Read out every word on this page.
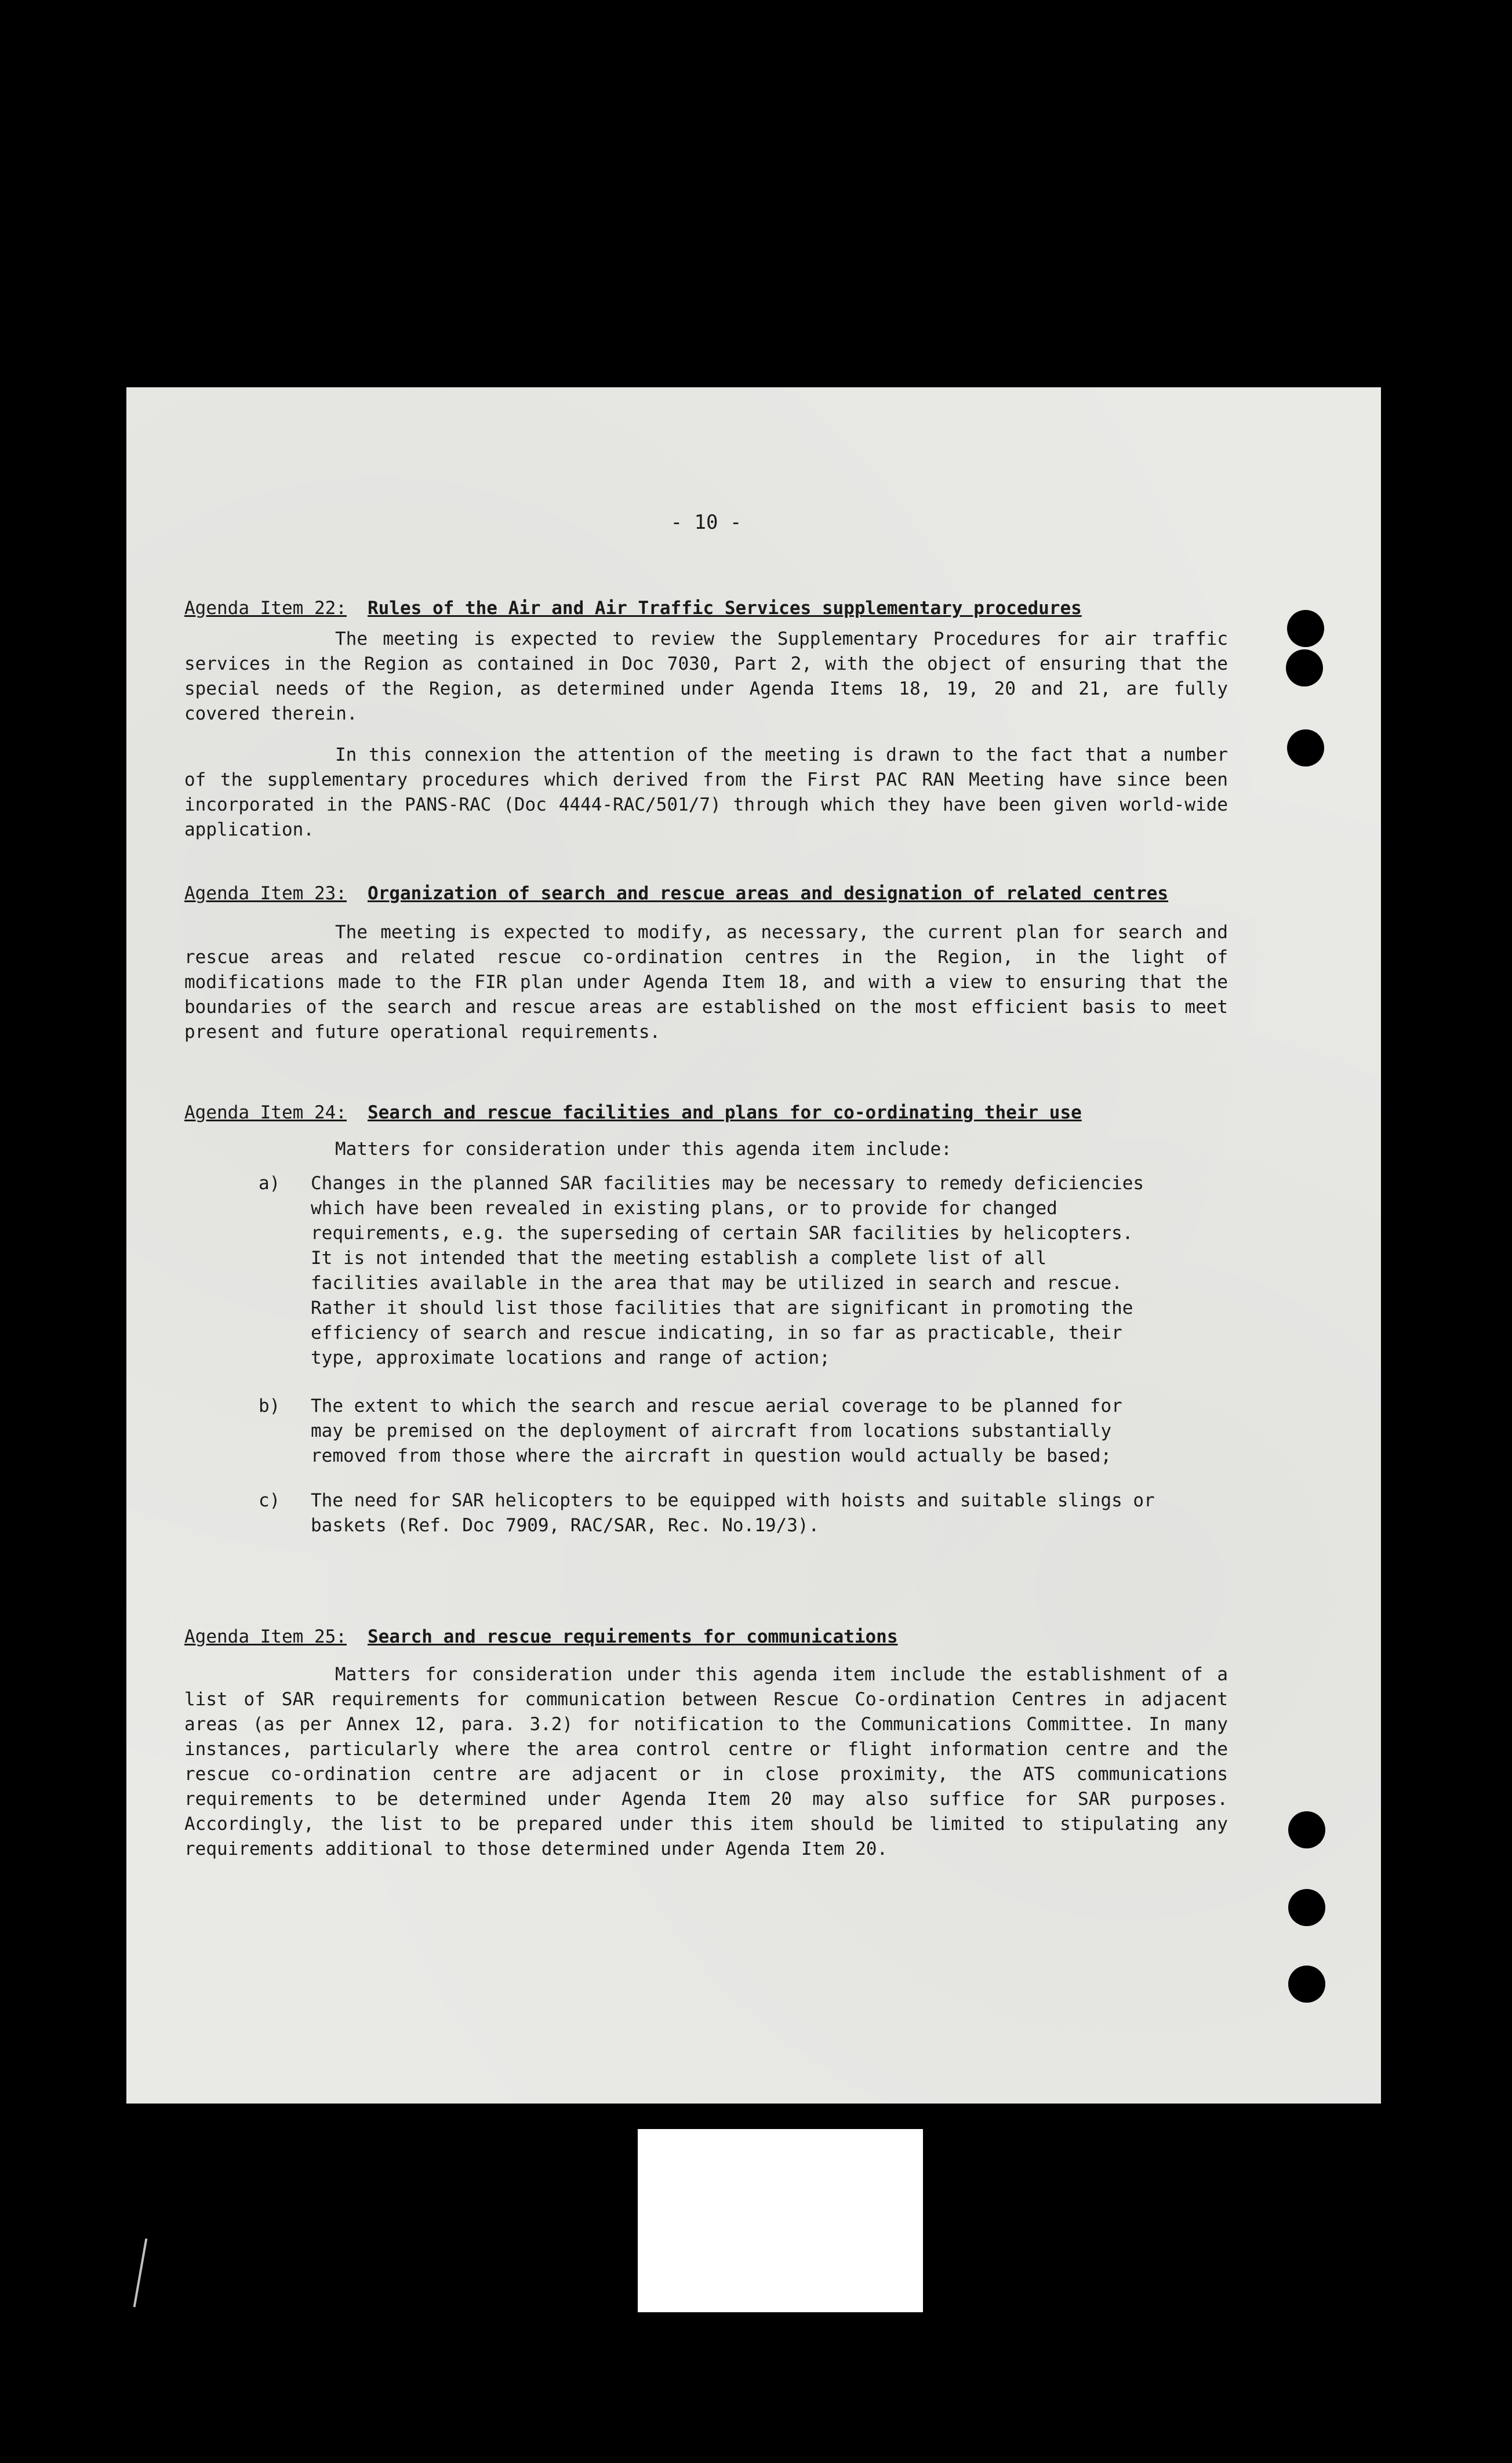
- 10 -
Agenda Item 22: Rules of the Air and Air Traffic Services supplementary procedures

The meeting is expected to review the Supplementary Procedures for air traffic services in the Region as contained in Doc 7030, Part 2, with the object of ensuring that the special needs of the Region, as determined under Agenda Items 18, 19, 20 and 21, are fully covered therein.

In this connexion the attention of the meeting is drawn to the fact that a number of the supplementary procedures which derived from the First PAC RAN Meeting have since been incorporated in the PANS-RAC (Doc 4444-RAC/501/7) through which they have been given world-wide application.

Agenda Item 23: Organization of search and rescue areas and designation of related centres

The meeting is expected to modify, as necessary, the current plan for search and rescue areas and related rescue co-ordination centres in the Region, in the light of modifications made to the FIR plan under Agenda Item 18, and with a view to ensuring that the boundaries of the search and rescue areas are established on the most efficient basis to meet present and future operational requirements.

Agenda Item 24: Search and rescue facilities and plans for co-ordinating their use

Matters for consideration under this agenda item include:

a)	Changes in the planned SAR facilities may be necessary to remedy deficiencies which have been revealed in existing plans, or to provide for changed requirements, e.g. the superseding of certain SAR facilities by helicopters. It is not intended that the meeting establish a complete list of all facilities available in the area that may be utilized in search and rescue. Rather it should list those facilities that are significant in promoting the efficiency of search and rescue indicating, in so far as practicable, their type, approximate locations and range of action;

b)	The extent to which the search and rescue aerial coverage to be planned for may be premised on the deployment of aircraft from locations substantially removed from those where the aircraft in question would actually be based;

c)	The need for SAR helicopters to be equipped with hoists and suitable slings or baskets (Ref. Doc 7909, RAC/SAR, Rec. No.19/3).

Agenda Item 25: Search and rescue requirements for communications

Matters for consideration under this agenda item include the establishment of a list of SAR requirements for communication between Rescue Co-ordination Centres in adjacent areas (as per Annex 12, para. 3.2) for notification to the Communications Committee. In many instances, particularly where the area control centre or flight information centre and the rescue co-ordination centre are adjacent or in close proximity, the ATS communications requirements to be determined under Agenda Item 20 may also suffice for SAR purposes. Accordingly, the list to be prepared under this item should be limited to stipulating any requirements additional to those determined under Agenda Item 20.
